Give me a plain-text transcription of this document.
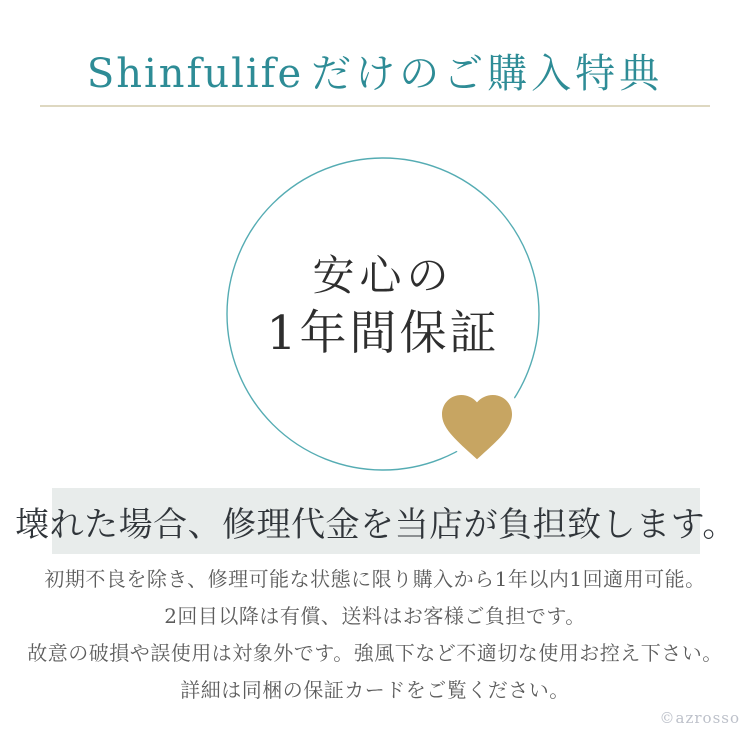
Shinfulife だけのご購入特典
安心の
1年間保証
壊れた場合、修理代金を当店が負担致します。

初期不良を除き、修理可能な状態に限り購入から1年以内1回適用可能。

2回目以降は有償、送料はお客様ご負担です。

故意の破損や誤使用は対象外です。強風下など不適切な使用お控え下さい。

詳細は同梱の保証カードをご覧ください。

©azrosso
